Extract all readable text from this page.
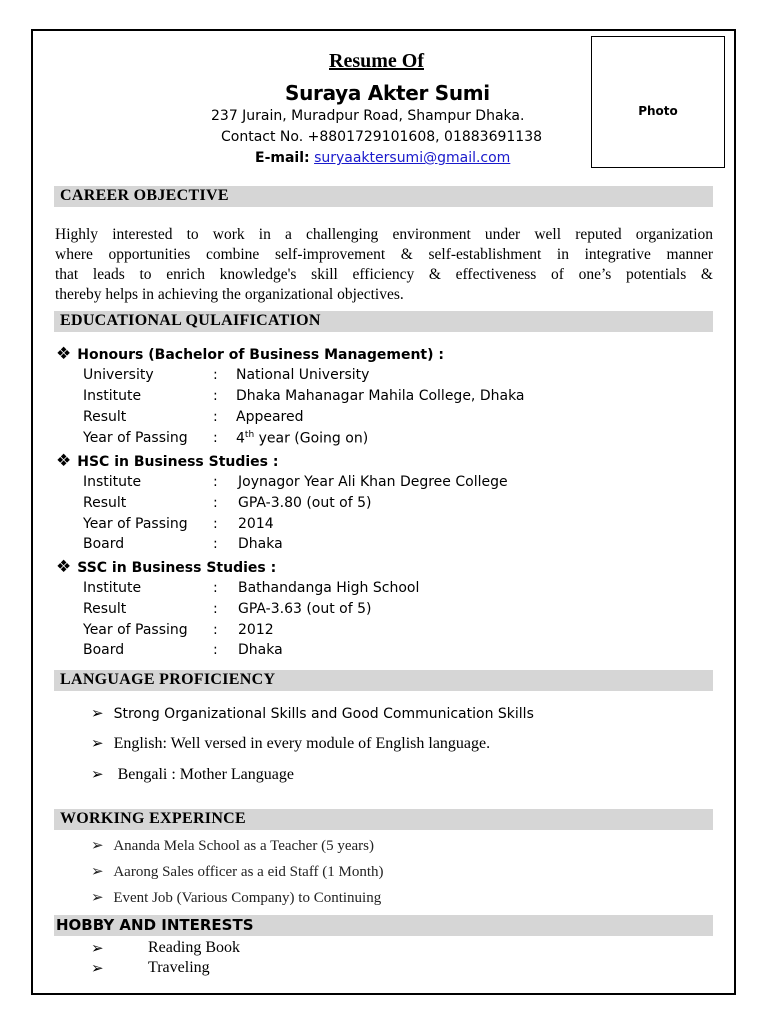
Resume Of
Suraya Akter Sumi
237 Jurain, Muradpur Road, Shampur Dhaka.
Contact No. +8801729101608, 01883691138
E-mail: suryaaktersumi@gmail.com
Photo
CAREER OBJECTIVE
Highly interested to work in a challenging environment under well reputed organization
where opportunities combine self-improvement & self-establishment in integrative manner
that leads to enrich knowledge's skill efficiency & effectiveness of one’s potentials &
thereby helps in achieving the organizational objectives.
EDUCATIONAL QULAIFICATION
❖ Honours (Bachelor of Business Management) :
University	: National University
Institute	: Dhaka Mahanagar Mahila College, Dhaka
Result	: Appeared
Year of Passing : 4th year (Going on)
❖ HSC in Business Studies :
Institute	: Joynagor Year Ali Khan Degree College
Result	: GPA-3.80 (out of 5)
Year of Passing : 2014
Board	: Dhaka
❖ SSC in Business Studies :
Institute	: Bathandanga High School
Result	: GPA-3.63 (out of 5)
Year of Passing : 2012
Board	: Dhaka
LANGUAGE PROFICIENCY
➢ Strong Organizational Skills and Good Communication Skills
➢ English: Well versed in every module of English language.
➢ Bengali : Mother Language
WORKING EXPERINCE
➢ Ananda Mela School as a Teacher (5 years)
➢ Aarong Sales officer as a eid Staff (1 Month)
➢ Event Job (Various Company) to Continuing
HOBBY AND INTERESTS
➢	Reading Book
➢	Traveling
